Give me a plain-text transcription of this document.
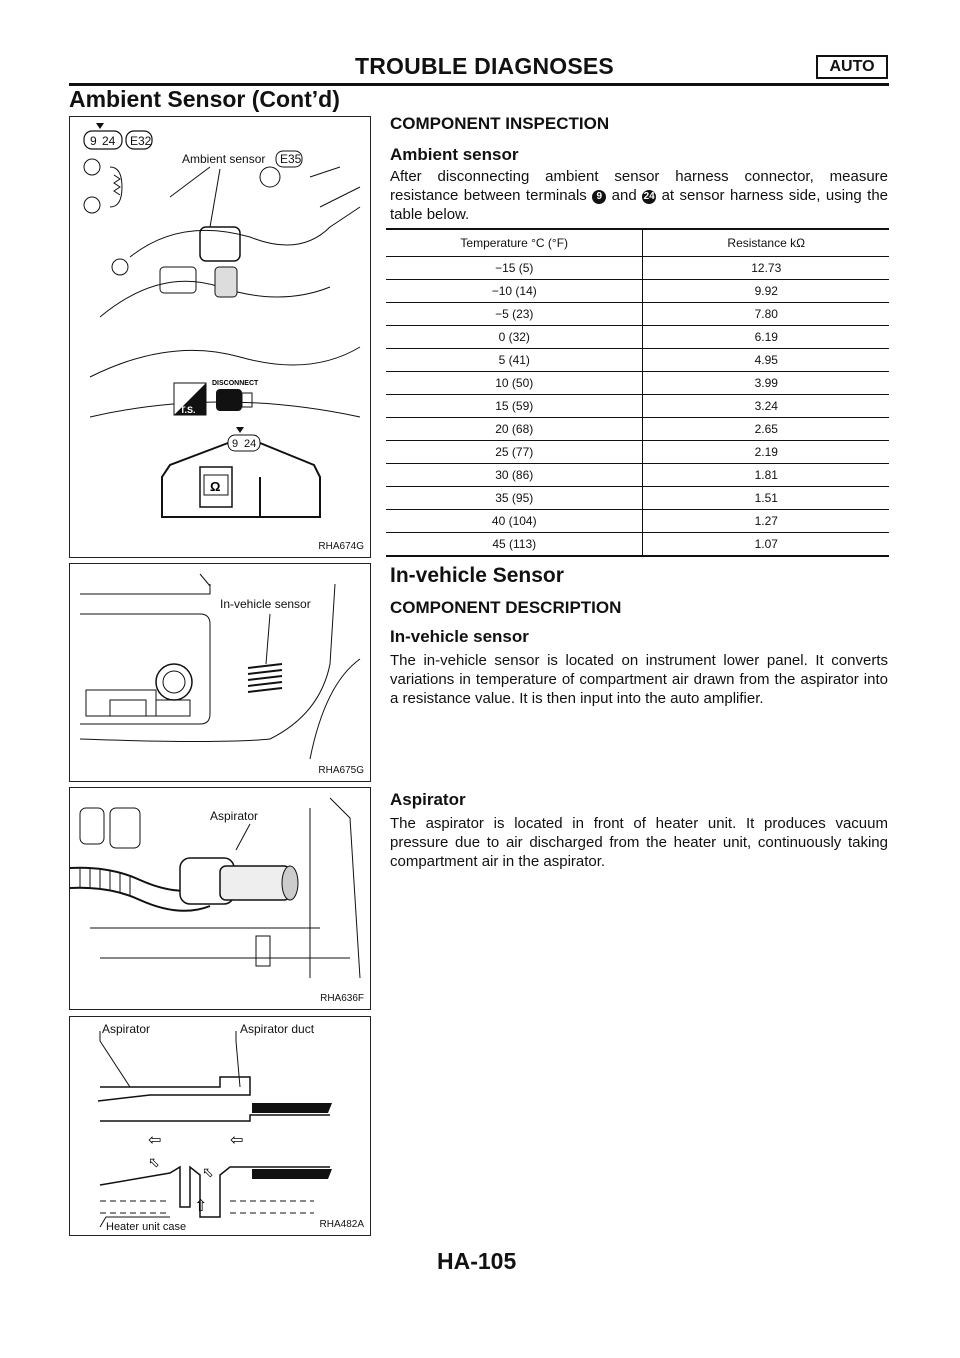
TROUBLE DIAGNOSES	AUTO
Ambient Sensor (Cont’d)
9 24 E32
Ambient sensor E35
T.S.
DISCONNECT
9 24
Ω
RHA674G
In-vehicle sensor
RHA675G
Aspirator
RHA636F
Aspirator	Aspirator duct
⇦	⇦
⬁
⬁
⇧
Heater unit case	RHA482A
COMPONENT INSPECTION
Ambient sensor
After disconnecting ambient sensor harness connector, measure resistance between terminals 9 and 24 at sensor harness side, using the table below.
Temperature °C (°F)	Resistance kΩ
−15 (5)	12.73
−10 (14)	9.92
−5 (23)	7.80
0 (32)	6.19
5 (41)	4.95
10 (50)	3.99
15 (59)	3.24
20 (68)	2.65
25 (77)	2.19
30 (86)	1.81
35 (95)	1.51
40 (104)	1.27
45 (113)	1.07
In-vehicle Sensor
COMPONENT DESCRIPTION
In-vehicle sensor
The in-vehicle sensor is located on instrument lower panel. It converts variations in temperature of compartment air drawn from the aspirator into a resistance value. It is then input into the auto amplifier.
Aspirator
The aspirator is located in front of heater unit. It produces vacuum pressure due to air discharged from the heater unit, continuously taking compartment air in the aspirator.
HA-105
